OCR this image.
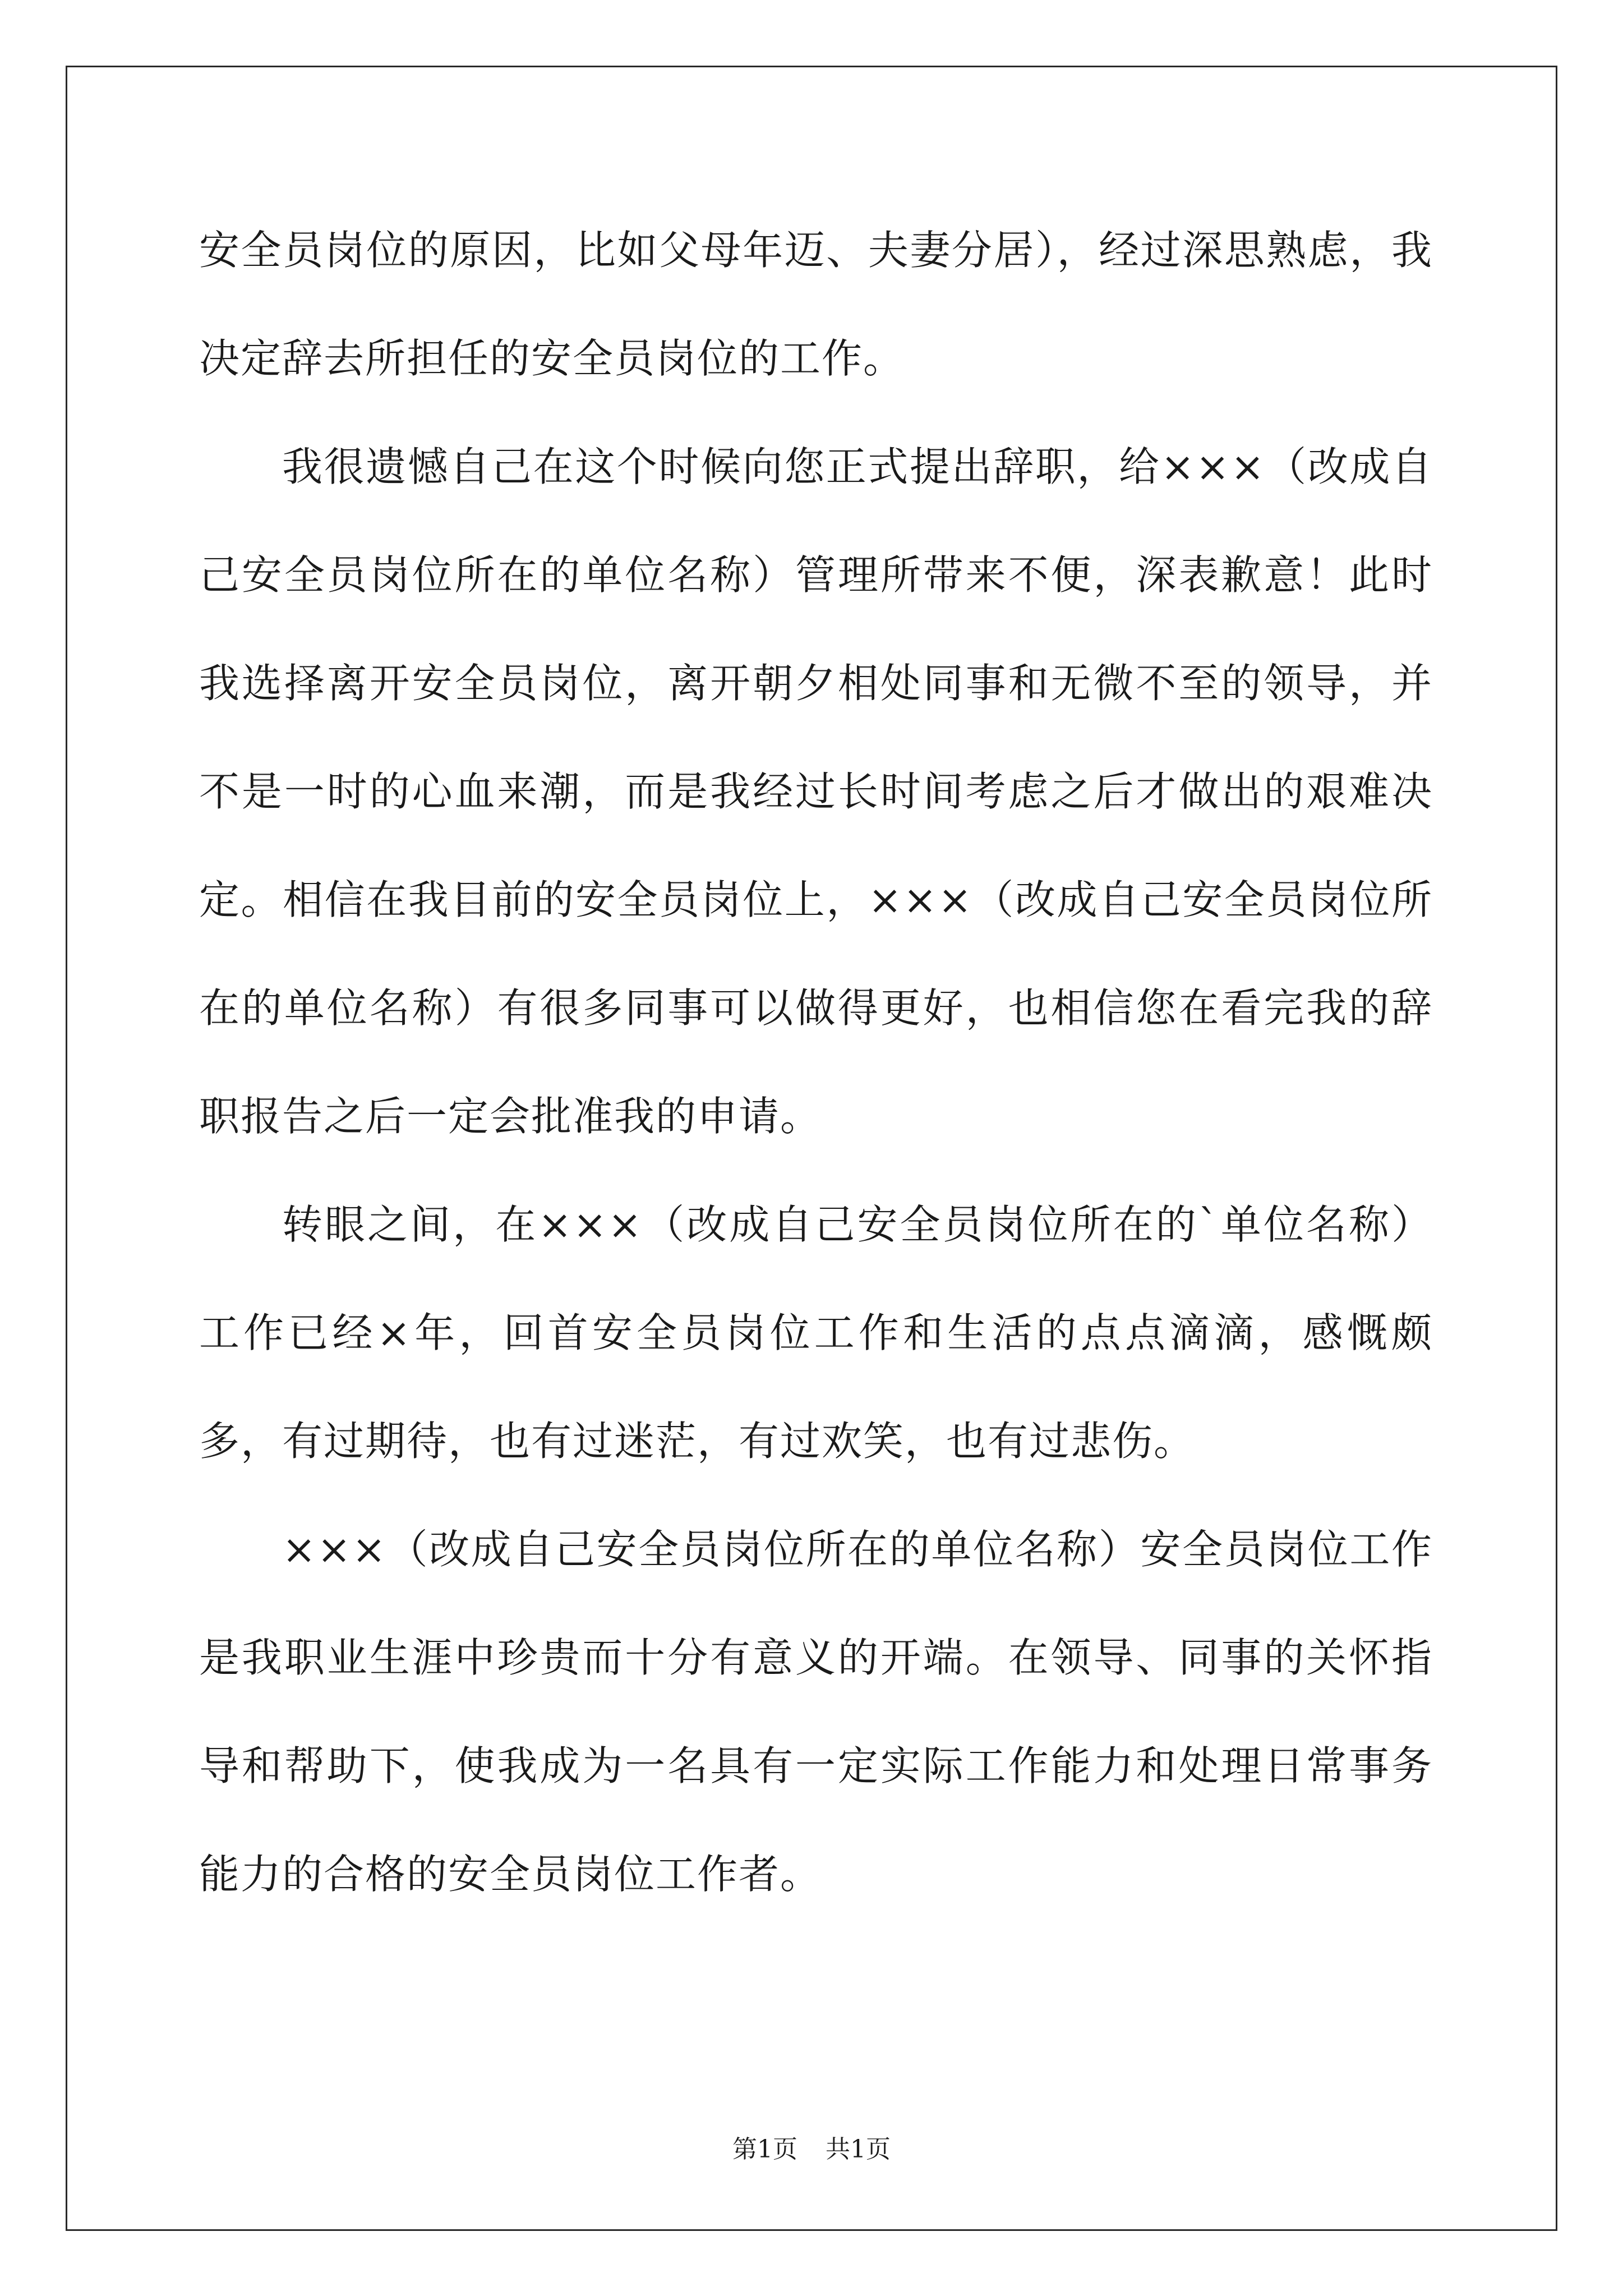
安全员岗位的原因，比如父母年迈、夫妻分居），经过深思熟虑，我决定辞去所担任的安全员岗位的工作。

我很遗憾自己在这个时候向您正式提出辞职，给×××（改成自己安全员岗位所在的单位名称）管理所带来不便，深表歉意！此时我选择离开安全员岗位，离开朝夕相处同事和无微不至的领导，并不是一时的心血来潮，而是我经过长时间考虑之后才做出的艰难决定。相信在我目前的安全员岗位上，×××（改成自己安全员岗位所在的单位名称）有很多同事可以做得更好，也相信您在看完我的辞职报告之后一定会批准我的申请。

转眼之间，在×××（改成自己安全员岗位所在的`单位名称）工作已经×年，回首安全员岗位工作和生活的点点滴滴，感慨颇多，有过期待，也有过迷茫，有过欢笑，也有过悲伤。

×××（改成自己安全员岗位所在的单位名称）安全员岗位工作是我职业生涯中珍贵而十分有意义的开端。在领导、同事的关怀指导和帮助下，使我成为一名具有一定实际工作能力和处理日常事务能力的合格的安全员岗位工作者。

第1页 共1页
